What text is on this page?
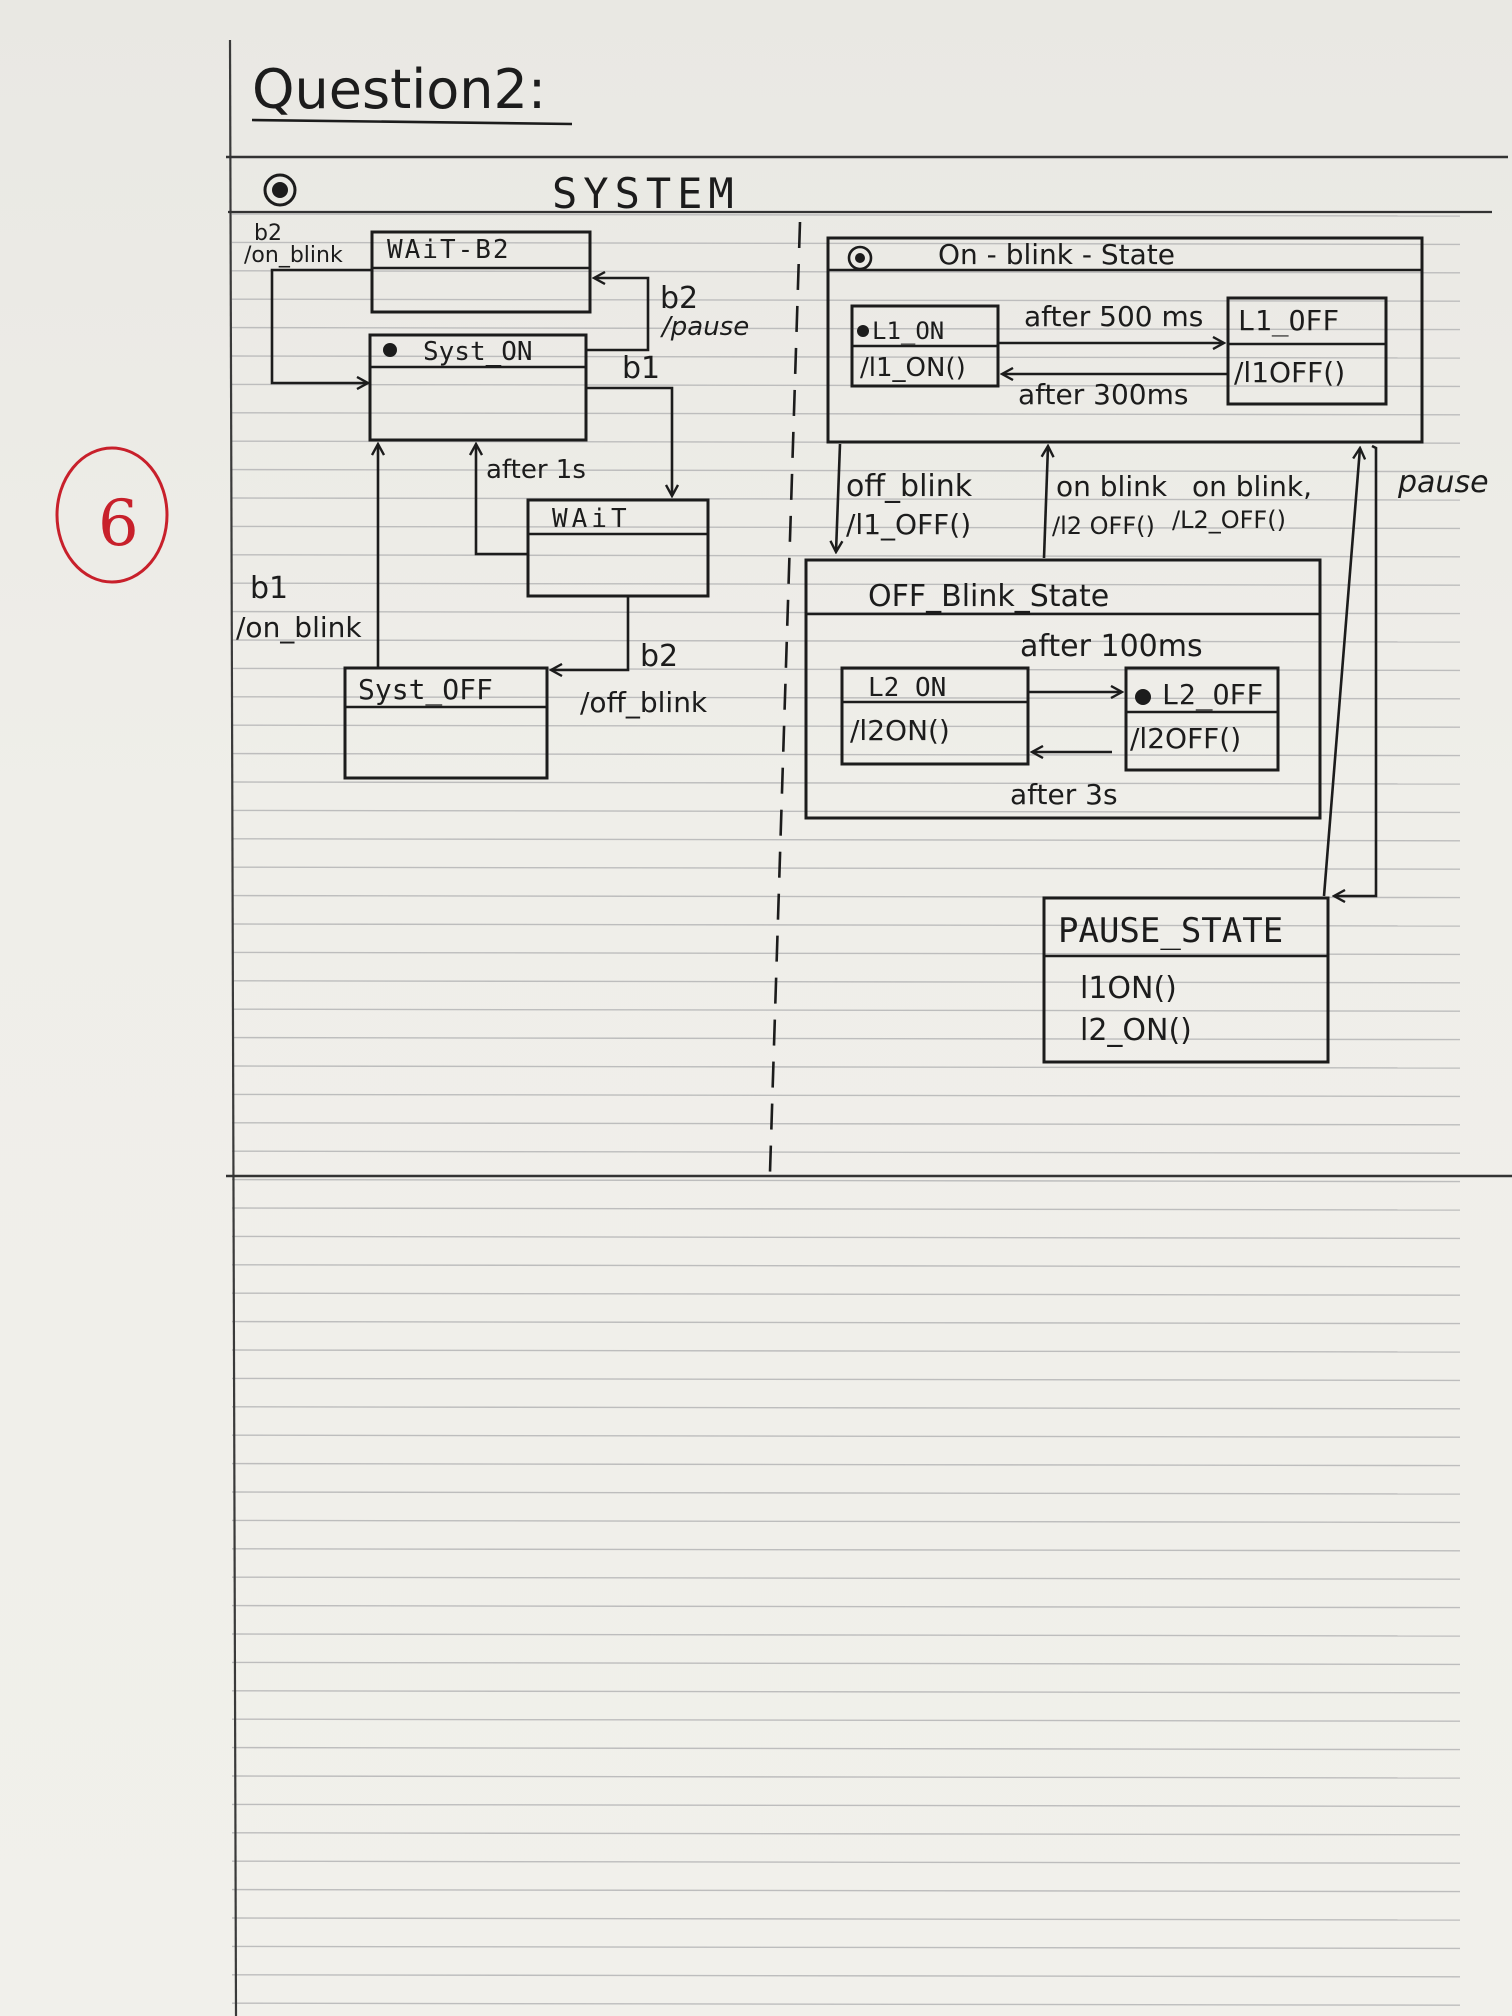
Question2:
6
SYSTEM
WAiT-B2
Syst_ON
WAiT
Syst_OFF
b2
/on_blink
b2
/pause
b1
after 1s
b1
/on_blink
b2
/off_blink
On - blink - State
L1_ON
/l1_ON()
L1_OFF
/l1OFF()
after 500 ms
after 300ms
OFF_Blink_State
after 100ms
L2_ON
/l2ON()
L2_OFF
/l2OFF()
after 3s
off_blink
/l1_OFF()
on blink
/l2 OFF()
PAUSE_STATE
l1ON()
l2_ON()
on blink,
/L2_OFF()
pause
